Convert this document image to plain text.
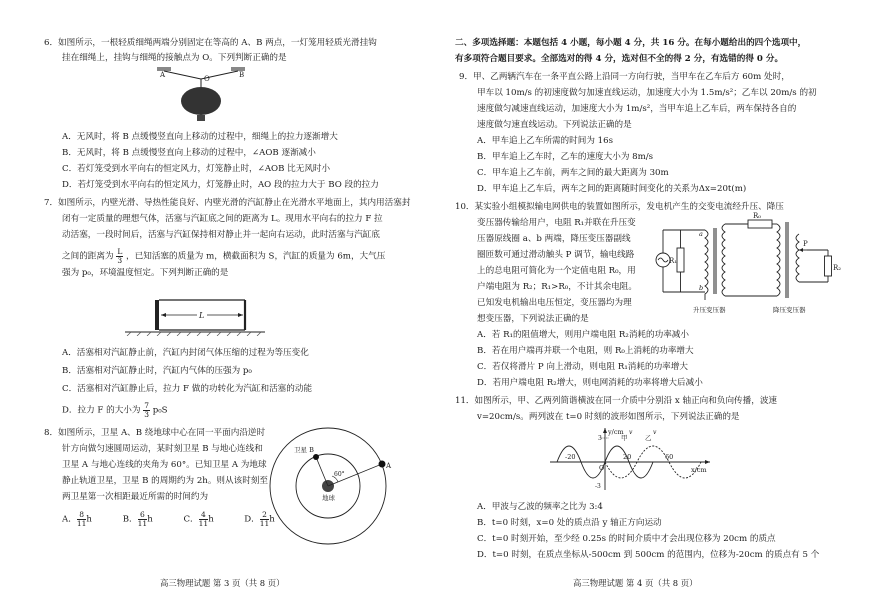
6．如图所示，一根轻质细绳两端分别固定在等高的 A、B 两点，一灯笼用轻质光滑挂钩
挂在细绳上，挂钩与细绳的接触点为 O。下列判断正确的是
A	B
O
A．无风时，将 B 点缓慢竖直向上移动的过程中，细绳上的拉力逐渐增大
B．无风时，将 B 点缓慢竖直向上移动的过程中，∠AOB 逐渐减小
C．若灯笼受到水平向右的恒定风力，灯笼静止时，∠AOB 比无风时小
D．若灯笼受到水平向右的恒定风力，灯笼静止时，AO 段的拉力大于 BO 段的拉力
7．如图所示，内壁光滑、导热性能良好、内壁光滑的汽缸静止在光滑水平地面上，其内用活塞封
闭有一定质量的理想气体，活塞与汽缸底之间的距离为 L。现用水平向右的拉力 F 拉
动活塞，一段时间后，活塞与汽缸保持相对静止并一起向右运动，此时活塞与汽缸底
之间的距离为 $\frac{L}{3}$ ，已知活塞的质量为 m，横截面积为 S，汽缸的质量为 6m，大气压
强为 p₀，环境温度恒定。下列判断正确的是
L
A．活塞相对汽缸静止前，汽缸内封闭气体压缩的过程为等压变化
B．活塞相对汽缸静止时，汽缸内气体的压强为 p₀
C．活塞相对汽缸静止后，拉力 F 做的功转化为汽缸和活塞的动能
D．拉力 F 的大小为 $\frac{7}{3} p_0S$
8．如图所示，卫星 A、B 绕地球中心在同一平面内沿逆时
针方向做匀速圆周运动，某时刻卫星 B 与地心连线和
卫星 A 与地心连线的夹角为 60°。已知卫星 A 为地球
静止轨道卫星，卫星 B 的周期约为 2h。则从该时刻至
两卫星第一次相距最近所需的时间约为
A． $\frac{8}{11}$ h	B． $\frac{6}{11}$ h	C． $\frac{4}{11}$ h	D． $\frac{2}{11}$ h
卫星 B
地球
60°
A
高三物理试题 第 3 页（共 8 页）
二、多项选择题：本题包括 4 小题，每小题 4 分，共 16 分。在每小题给出的四个选项中，
有多项符合题目要求。全部选对的得 4 分，选对但不全的得 2 分，有选错的得 0 分。
9．甲、乙两辆汽车在一条平直公路上沿同一方向行驶，当甲车在乙车后方 60m 处时，
甲车以 10m/s 的初速度做匀加速直线运动，加速度大小为 1.5m/s²；乙车以 20m/s 的初
速度做匀减速直线运动，加速度大小为 1m/s²，当甲车追上乙车后，两车保持各自的
速度做匀速直线运动。下列说法正确的是
A．甲车追上乙车所需的时间为 16s
B．甲车追上乙车时，乙车的速度大小为 8m/s
C．甲车追上乙车前，两车之间的最大距离为 30m
D．甲车追上乙车后，两车之间的距离随时间变化的关系为Δx=20t(m)
10．某实验小组模拟输电网供电的装置如图所示，发电机产生的交变电流经升压、降压
变压器传输给用户，电阻 R₁并联在升压变
压器原线圈 a、b 两端，降压变压器副线
圈匝数可通过滑动触头 P 调节，输电线路
上的总电阻可简化为一个定值电阻 R₀，用
户端电阻为 R₂；R₁>R₀，不计其余电阻。
已知发电机输出电压恒定，变压器均为理
想变压器，下列说法正确的是
R₁
a
b
R₀
P
R₂
升压变压器	降压变压器
A．若 R₁的阻值增大，则用户端电阻 R₂消耗的功率减小
B．若在用户端再并联一个电阻，则 R₀上消耗的功率增大
C．若仅将滑片 P 向上滑动，则电阻 R₁消耗的功率增大
D．若用户端电阻 R₂增大，则电网消耗的功率将增大后减小
11．如图所示，甲、乙两列简谐横波在同一介质中分别沿 x 轴正向和负向传播，波速
v=20cm/s。两列波在 t=0 时刻的波形如图所示，下列说法正确的是
y/cm
x/cm
甲	乙
v	v
-20
O
20	60
3
-3
A．甲波与乙波的频率之比为 3:4
B．t=0 时刻，x=0 处的质点沿 y 轴正方向运动
C．t=0 时刻开始，至少经 0.25s 的时间介质中才会出现位移为 20cm 的质点
D．t=0 时刻，在质点坐标从-500cm 到 500cm 的范围内，位移为-20cm 的质点有 5 个
高三物理试题 第 4 页（共 8 页）
